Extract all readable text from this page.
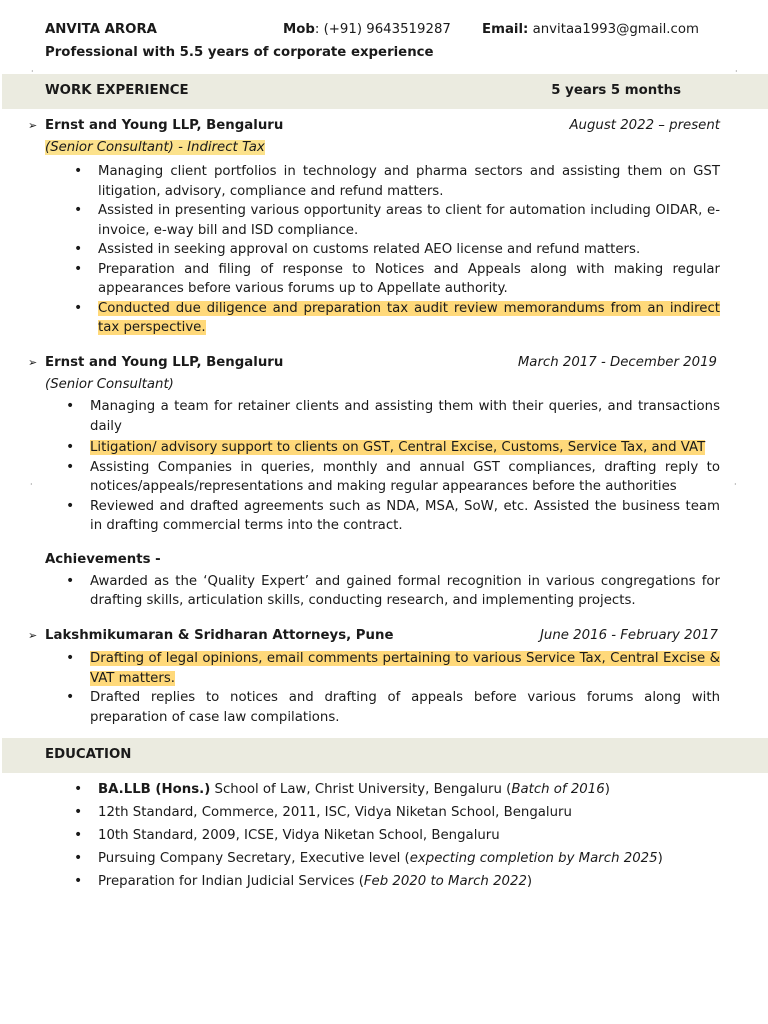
ANVITA ARORA	Mob: (+91) 9643519287 Email: anvitaa1993@gmail.com
Professional with 5.5 years of corporate experience
WORK EXPERIENCE	5 years 5 months
➢ Ernst and Young LLP, Bengaluru	August 2022 – present
(Senior Consultant) - Indirect Tax
• Managing client portfolios in technology and pharma sectors and assisting them on GST litigation, advisory, compliance and refund matters.
• Assisted in presenting various opportunity areas to client for automation including OIDAR, e-invoice, e-way bill and ISD compliance.
• Assisted in seeking approval on customs related AEO license and refund matters.
• Preparation and filing of response to Notices and Appeals along with making regular appearances before various forums up to Appellate authority.
• Conducted due diligence and preparation tax audit review memorandums from an indirect tax perspective.
➢ Ernst and Young LLP, Bengaluru	March 2017 - December 2019
(Senior Consultant)
• Managing a team for retainer clients and assisting them with their queries, and transactions daily
• Litigation/ advisory support to clients on GST, Central Excise, Customs, Service Tax, and VAT
• Assisting Companies in queries, monthly and annual GST compliances, drafting reply to notices/appeals/representations and making regular appearances before the authorities
• Reviewed and drafted agreements such as NDA, MSA, SoW, etc. Assisted the business team in drafting commercial terms into the contract.
Achievements -
• Awarded as the ‘Quality Expert’ and gained formal recognition in various congregations for drafting skills, articulation skills, conducting research, and implementing projects.
➢ Lakshmikumaran & Sridharan Attorneys, Pune	June 2016 - February 2017
• Drafting of legal opinions, email comments pertaining to various Service Tax, Central Excise & VAT matters.
• Drafted replies to notices and drafting of appeals before various forums along with preparation of case law compilations.
EDUCATION
• BA.LLB (Hons.) School of Law, Christ University, Bengaluru (Batch of 2016)
• 12th Standard, Commerce, 2011, ISC, Vidya Niketan School, Bengaluru
• 10th Standard, 2009, ICSE, Vidya Niketan School, Bengaluru
• Pursuing Company Secretary, Executive level (expecting completion by March 2025)
• Preparation for Indian Judicial Services (Feb 2020 to March 2022)
·	·
·	·
